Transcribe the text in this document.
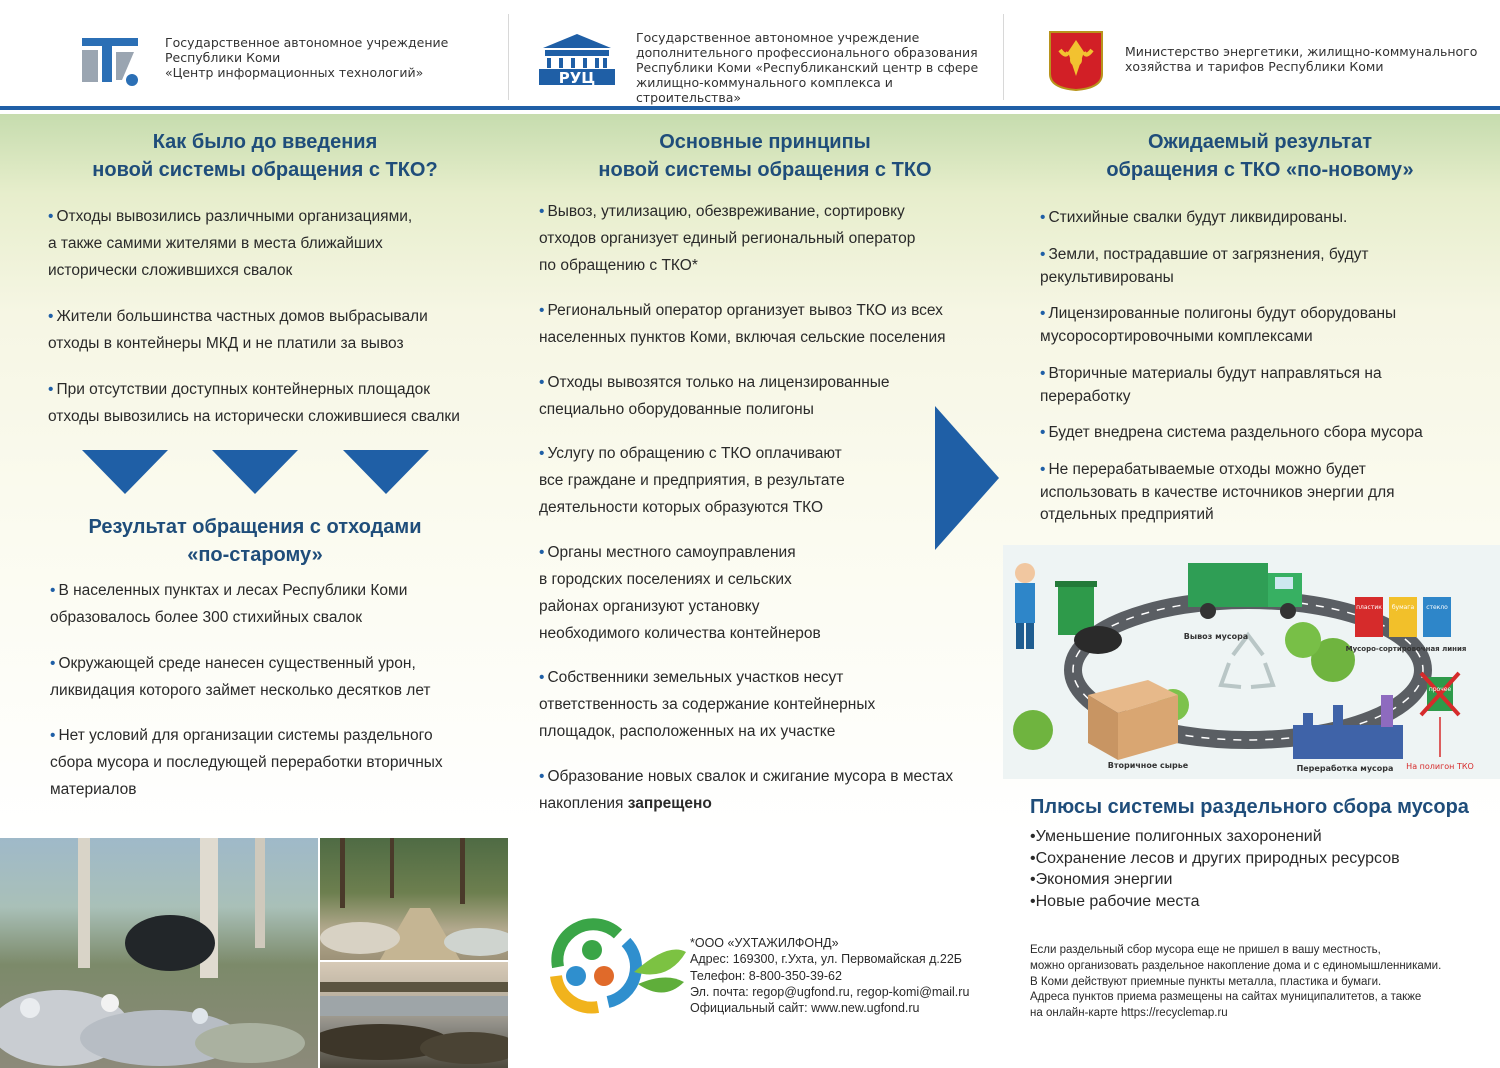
Государственное автономное учреждение
Республики Коми
«Центр информационных технологий»	РУЦ
Государственное автономное учреждение
дополнительного профессионального образования
Республики Коми «Республиканский центр в сфере
жилищно-коммунального комплекса и строительства»
Министерство энергетики, жилищно-коммунального
хозяйства и тарифов Республики Коми
Как было до введения
новой системы обращения с ТКО?
• Отходы вывозились различными организациями,
а также самими жителями в места ближайших
исторически сложившихся свалок
• Жители большинства частных домов выбрасывали
отходы в контейнеры МКД и не платили за вывоз
• При отсутствии доступных контейнерных площадок
отходы вывозились на исторически сложившиеся свалки
Результат обращения с отходами
«по-старому»
• В населенных пунктах и лесах Республики Коми
образовалось более 300 стихийных свалок
• Окружающей среде нанесен существенный урон,
ликвидация которого займет несколько десятков лет
• Нет условий для организации системы раздельного
сбора мусора и последующей переработки вторичных
материалов
Основные принципы
новой системы обращения с ТКО
• Вывоз, утилизацию, обезвреживание, сортировку
отходов организует единый региональный оператор
по обращению с ТКО*
• Региональный оператор организует вывоз ТКО из всех
населенных пунктов Коми, включая сельские поселения
• Отходы вывозятся только на лицензированные
специально оборудованные полигоны
• Услугу по обращению с ТКО оплачивают
все граждане и предприятия, в результате
деятельности которых образуются ТКО
• Органы местного самоуправления
в городских поселениях и сельских
районах организуют установку
необходимого количества контейнеров
• Собственники земельных участков несут
ответственность за содержание контейнерных
площадок, расположенных на их участке
• Образование новых свалок и сжигание мусора в местах
накопления запрещено
*ООО «УХТАЖИЛФОНД»
Адрес: 169300, г.Ухта, ул. Первомайская д.22Б
Телефон: 8-800-350-39-62
Эл. почта: regop@ugfond.ru, regop-komi@mail.ru
Официальный сайт: www.new.ugfond.ru
Ожидаемый результат
обращения с ТКО «по-новому»
• Стихийные свалки будут ликвидированы.
• Земли, пострадавшие от загрязнения, будут
рекультивированы
• Лицензированные полигоны будут оборудованы
мусоросортировочными комплексами
• Вторичные материалы будут направляться на
переработку
• Будет внедрена система раздельного сбора мусора
• Не перерабатываемые отходы можно будет
использовать в качестве источников энергии для
отдельных предприятий
пластик бумага стекло
прочее
Вывоз мусора
Мусоро-сортировочная линия
Вторичное сырье	Переработка мусора На полигон ТКО
Плюсы системы раздельного сбора мусора
•Уменьшение полигонных захоронений
•Сохранение лесов и других природных ресурсов
•Экономия энергии
•Новые рабочие места
Если раздельный сбор мусора еще не пришел в вашу местность,
можно организовать раздельное накопление дома и с единомышленниками.
В Коми действуют приемные пункты металла, пластика и бумаги.
Адреса пунктов приема размещены на сайтах муниципалитетов, а также
на онлайн-карте https://recyclemap.ru
